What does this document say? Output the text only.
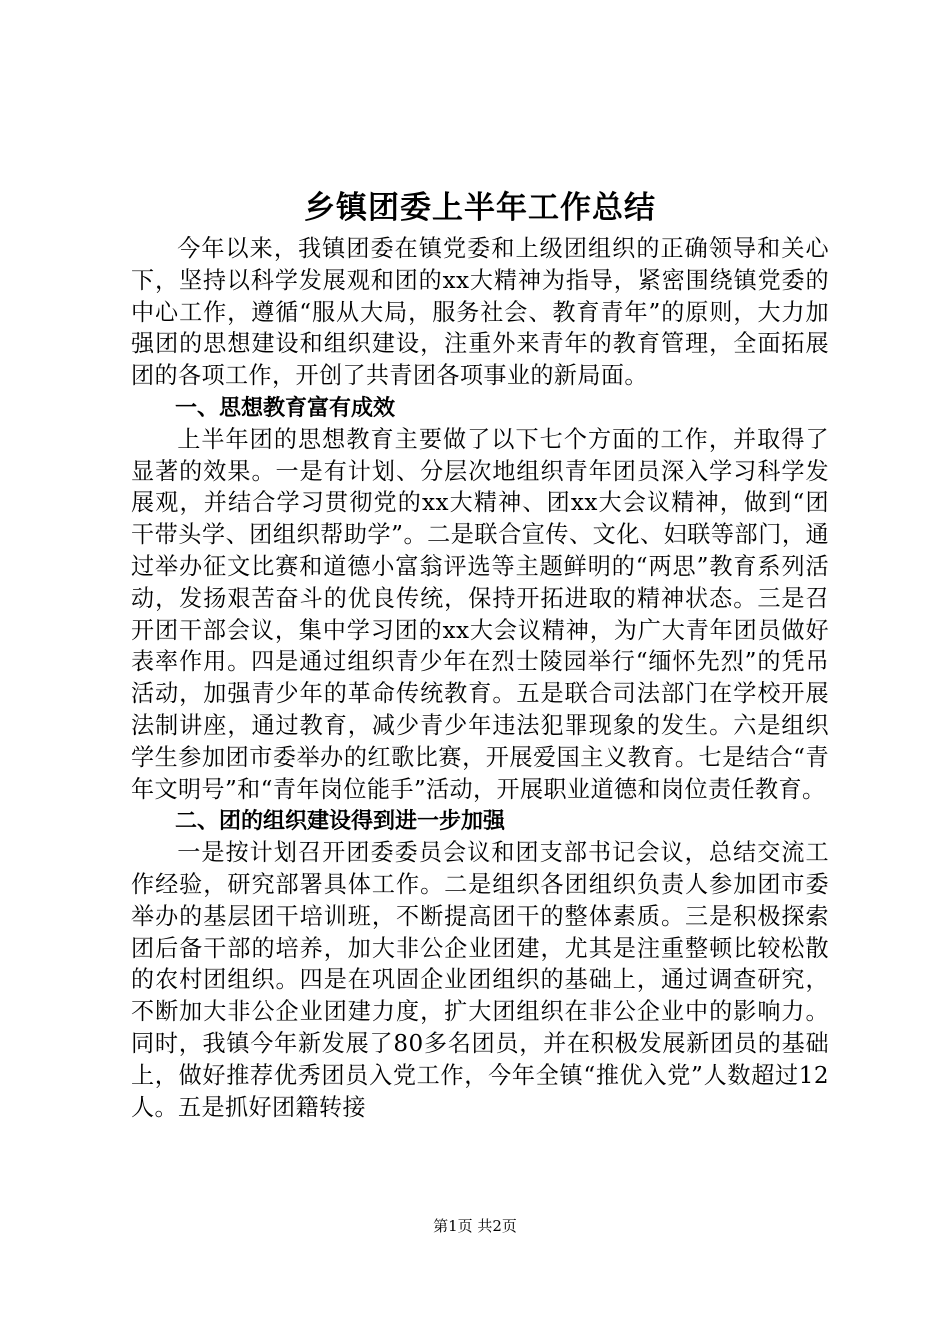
乡镇团委上半年工作总结

今年以来，我镇团委在镇党委和上级团组织的正确领导和关心下，坚持以科学发展观和团的xx大精神为指导，紧密围绕镇党委的中心工作，遵循“服从大局，服务社会、教育青年”的原则，大力加强团的思想建设和组织建设，注重外来青年的教育管理，全面拓展团的各项工作，开创了共青团各项事业的新局面。

一、思想教育富有成效

上半年团的思想教育主要做了以下七个方面的工作，并取得了显著的效果。一是有计划、分层次地组织青年团员深入学习科学发展观，并结合学习贯彻党的xx大精神、团xx大会议精神，做到“团干带头学、团组织帮助学”。二是联合宣传、文化、妇联等部门，通过举办征文比赛和道德小富翁评选等主题鲜明的“两思”教育系列活动，发扬艰苦奋斗的优良传统，保持开拓进取的精神状态。三是召开团干部会议，集中学习团的xx大会议精神，为广大青年团员做好表率作用。四是通过组织青少年在烈士陵园举行“缅怀先烈”的凭吊活动，加强青少年的革命传统教育。五是联合司法部门在学校开展法制讲座，通过教育，减少青少年违法犯罪现象的发生。六是组织学生参加团市委举办的红歌比赛，开展爱国主义教育。七是结合“青年文明号”和“青年岗位能手”活动，开展职业道德和岗位责任教育。

二、团的组织建设得到进一步加强

一是按计划召开团委委员会议和团支部书记会议，总结交流工作经验，研究部署具体工作。二是组织各团组织负责人参加团市委举办的基层团干培训班，不断提高团干的整体素质。三是积极探索团后备干部的培养，加大非公企业团建，尤其是注重整顿比较松散的农村团组织。四是在巩固企业团组织的基础上，通过调查研究，不断加大非公企业团建力度，扩大团组织在非公企业中的影响力。同时，我镇今年新发展了80多名团员，并在积极发展新团员的基础上，做好推荐优秀团员入党工作，今年全镇“推优入党”人数超过12人。五是抓好团籍转接

第1页 共2页
